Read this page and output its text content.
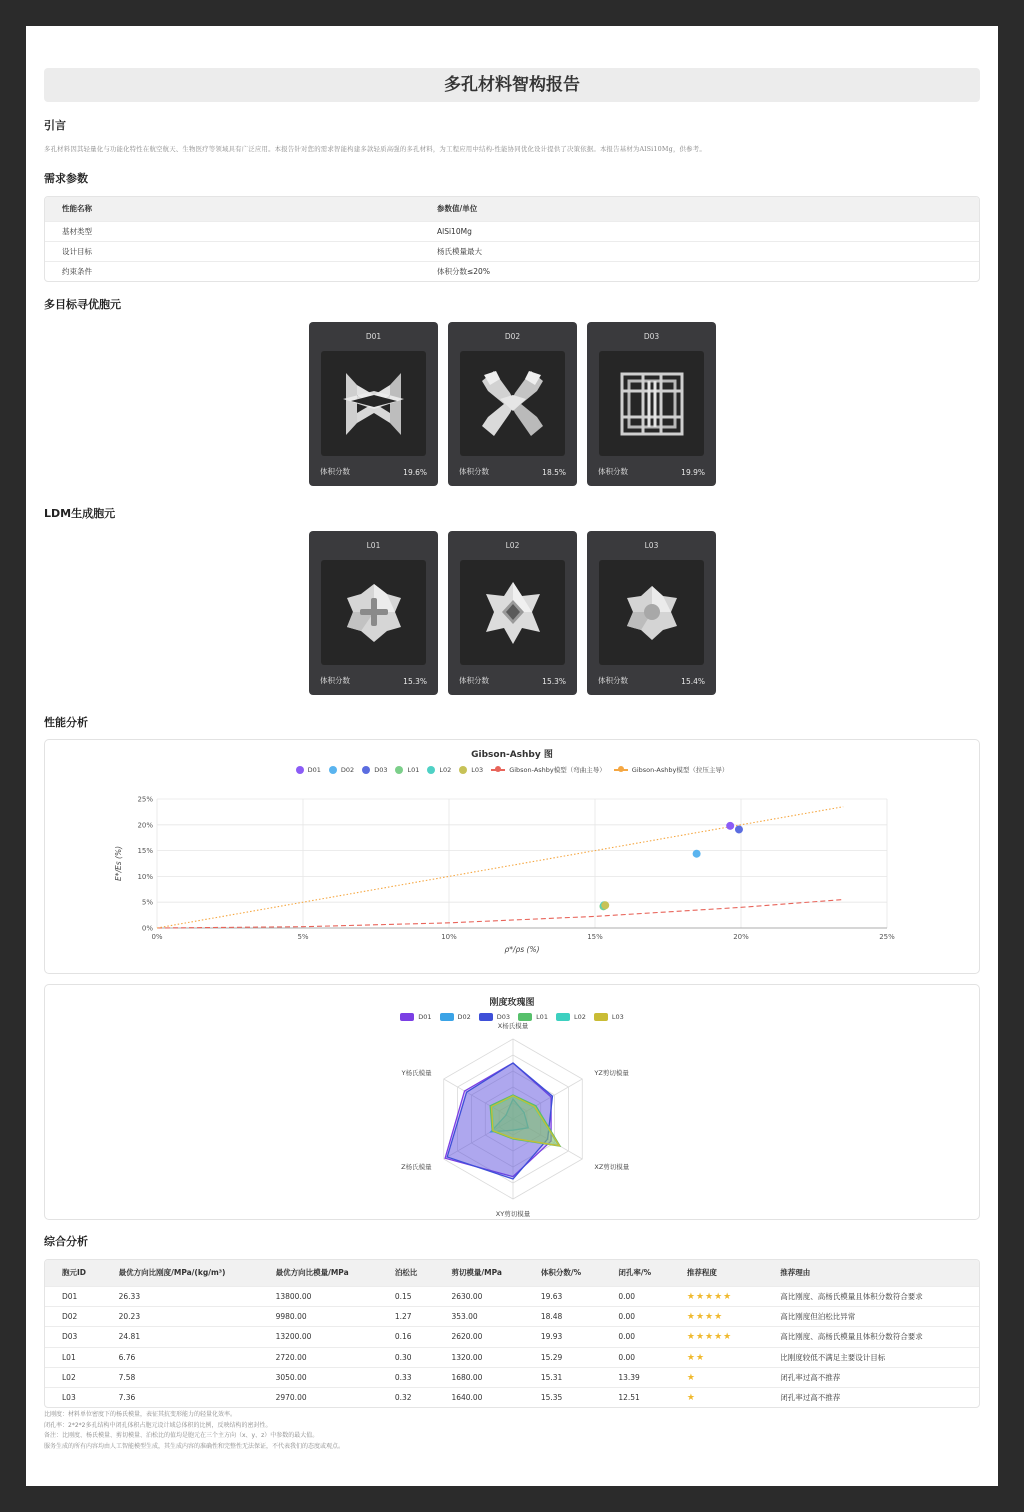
多孔材料智构报告
引言
多孔材料因其轻量化与功能化特性在航空航天、生物医疗等领域具有广泛应用。本报告针对您的需求智能构建多款轻质高强的多孔材料，为工程应用中结构-性能协同优化设计提供了决策依据。本报告基材为AlSi10Mg，供参考。
需求参数
性能名称	参数值/单位
基材类型	AlSi10Mg
设计目标	杨氏模量最大
约束条件	体积分数≤20%
多目标寻优胞元
D01
体积分数	19.6%
D02
体积分数	18.5%
D03
体积分数	19.9%
LDM生成胞元
L01
体积分数	15.3%
L02
体积分数	15.3%
L03
体积分数	15.4%
性能分析
Gibson-Ashby 图
D01	D02	D03	L01	L02	L03	Gibson-Ashby模型（弯曲主导）	Gibson-Ashby模型（拉压主导）
0%
0%
5%
5%
10%
10%
15%
15%
20%
20%
25%
25%
ρ*/ρs (%)
E*/Es (%)
刚度玫瑰图
D01	D02	D03	L01	L02	L03
X杨氏模量
YZ剪切模量
XZ剪切模量
XY剪切模量
Z杨氏模量
Y杨氏模量
综合分析
胞元ID	最优方向比刚度/MPa/(kg/m³)	最优方向比模量/MPa	泊松比	剪切模量/MPa	体积分数/%	闭孔率/%	推荐程度	推荐理由
D01	26.33	13800.00	0.15	2630.00	19.63	0.00	★★★★★	高比刚度、高杨氏模量且体积分数符合要求
D02	20.23	9980.00	1.27	353.00	18.48	0.00	★★★★	高比刚度但泊松比异常
D03	24.81	13200.00	0.16	2620.00	19.93	0.00	★★★★★	高比刚度、高杨氏模量且体积分数符合要求
L01	6.76	2720.00	0.30	1320.00	15.29	0.00	★★	比刚度较低不满足主要设计目标
L02	7.58	3050.00	0.33	1680.00	15.31	13.39	★	闭孔率过高不推荐
L03	7.36	2970.00	0.32	1640.00	15.35	12.51	★	闭孔率过高不推荐
比刚度：材料单位密度下的杨氏模量，表征其抗变形能力的轻量化效率。
闭孔率：2*2*2多孔结构中闭孔体积占胞元设计域总体积的比例，反映结构的密封性。
备注：比刚度、杨氏模量、剪切模量、泊松比的值均是胞元在三个主方向（x、y、z）中参数的最大值。
服务生成的所有内容均由人工智能模型生成，其生成内容的准确性和完整性无法保证，不代表我们的态度或观点。
